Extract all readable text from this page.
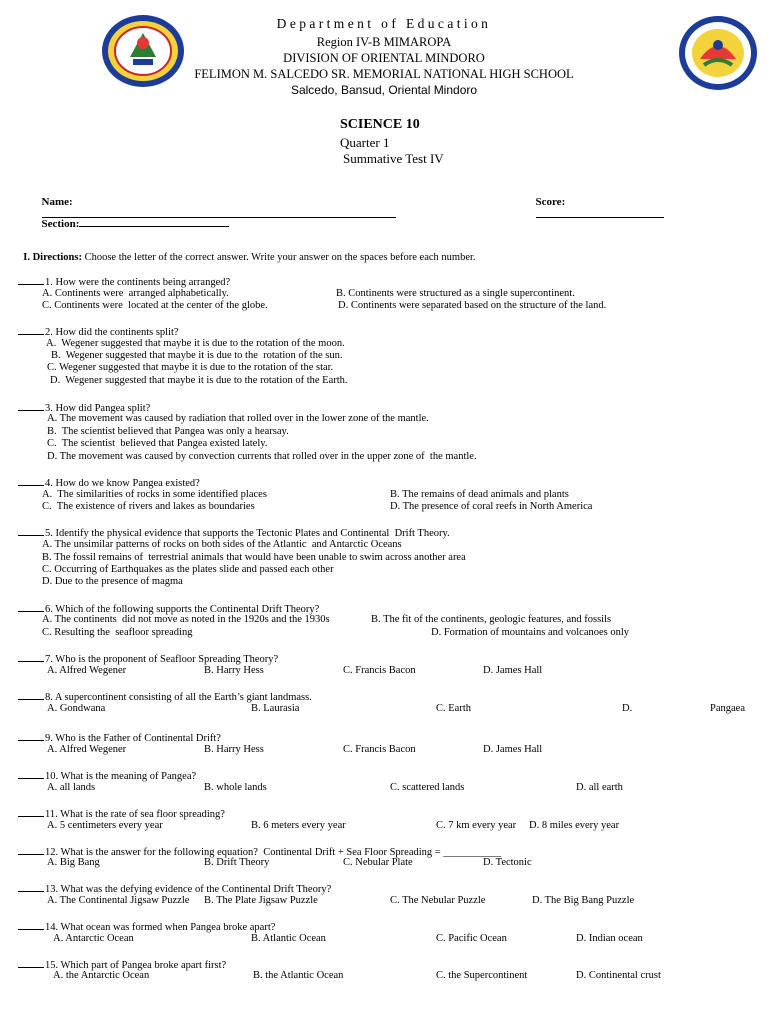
Department of Education
Region IV-B MIMAROPA
DIVISION OF ORIENTAL MINDORO
FELIMON M. SALCEDO SR. MEMORIAL NATIONAL HIGH SCHOOL
Salcedo, Bansud, Oriental Mindoro
SCIENCE 10
Quarter 1
Summative Test IV

Name:
	Score:

Section:

I. Directions: Choose the letter of the correct answer. Write your answer on the spaces before each number.

1. How were the continents being arranged?
A. Continents were  arranged alphabetically.	B. Continents were structured as a single supercontinent.
C. Continents were  located at the center of the globe.	D. Continents were separated based on the structure of the land.
2. How did the continents split?
A.  Wegener suggested that maybe it is due to the rotation of the moon.
B.  Wegener suggested that maybe it is due to the  rotation of the sun.
C. Wegener suggested that maybe it is due to the rotation of the star.
D.  Wegener suggested that maybe it is due to the rotation of the Earth.
3. How did Pangea split?
A. The movement was caused by radiation that rolled over in the lower zone of the mantle.
B.  The scientist believed that Pangea was only a hearsay.
C.  The scientist  believed that Pangea existed lately.
D. The movement was caused by convection currents that rolled over in the upper zone of  the mantle.
4. How do we know Pangea existed?
A.  The similarities of rocks in some identified places	B. The remains of dead animals and plants
C.  The existence of rivers and lakes as boundaries	D. The presence of coral reefs in North America
5. Identify the physical evidence that supports the Tectonic Plates and Continental  Drift Theory.
A. The unsimilar patterns of rocks on both sides of the Atlantic  and Antarctic Oceans
B. The fossil remains of  terrestrial animals that would have been unable to swim across another area
C. Occurring of Earthquakes as the plates slide and passed each other
D. Due to the presence of magma
6. Which of the following supports the Continental Drift Theory?
A. The continents  did not move as noted in the 1920s and the 1930s	B. The fit of the continents, geologic features, and fossils
C. Resulting the  seafloor spreading	D. Formation of mountains and volcanoes only
7. Who is the proponent of Seafloor Spreading Theory?
A. Alfred Wegener	B. Harry Hess	C. Francis Bacon	D. James Hall
8. A supercontinent consisting of all the Earth’s giant landmass.
A. Gondwana	B. Laurasia	C. Earth	D.	Pangaea
9. Who is the Father of Continental Drift?
A. Alfred Wegener	B. Harry Hess	C. Francis Bacon	D. James Hall
10. What is the meaning of Pangea?
A. all lands	B. whole lands	C. scattered lands	D. all earth
11. What is the rate of sea floor spreading?
A. 5 centimeters every year	B. 6 meters every year	C. 7 km every year D. 8 miles every year
12. What is the answer for the following equation?  Continental Drift + Sea Floor Spreading = ___________
A. Big Bang	B. Drift Theory	C. Nebular Plate	D. Tectonic
13. What was the defying evidence of the Continental Drift Theory?
A. The Continental Jigsaw Puzzle B. The Plate Jigsaw Puzzle	C. The Nebular Puzzle	D. The Big Bang Puzzle
14. What ocean was formed when Pangea broke apart?
A. Antarctic Ocean	B. Atlantic Ocean	C. Pacific Ocean	D. Indian ocean
15. Which part of Pangea broke apart first?
A. the Antarctic Ocean	B. the Atlantic Ocean	C. the Supercontinent	D. Continental crust
